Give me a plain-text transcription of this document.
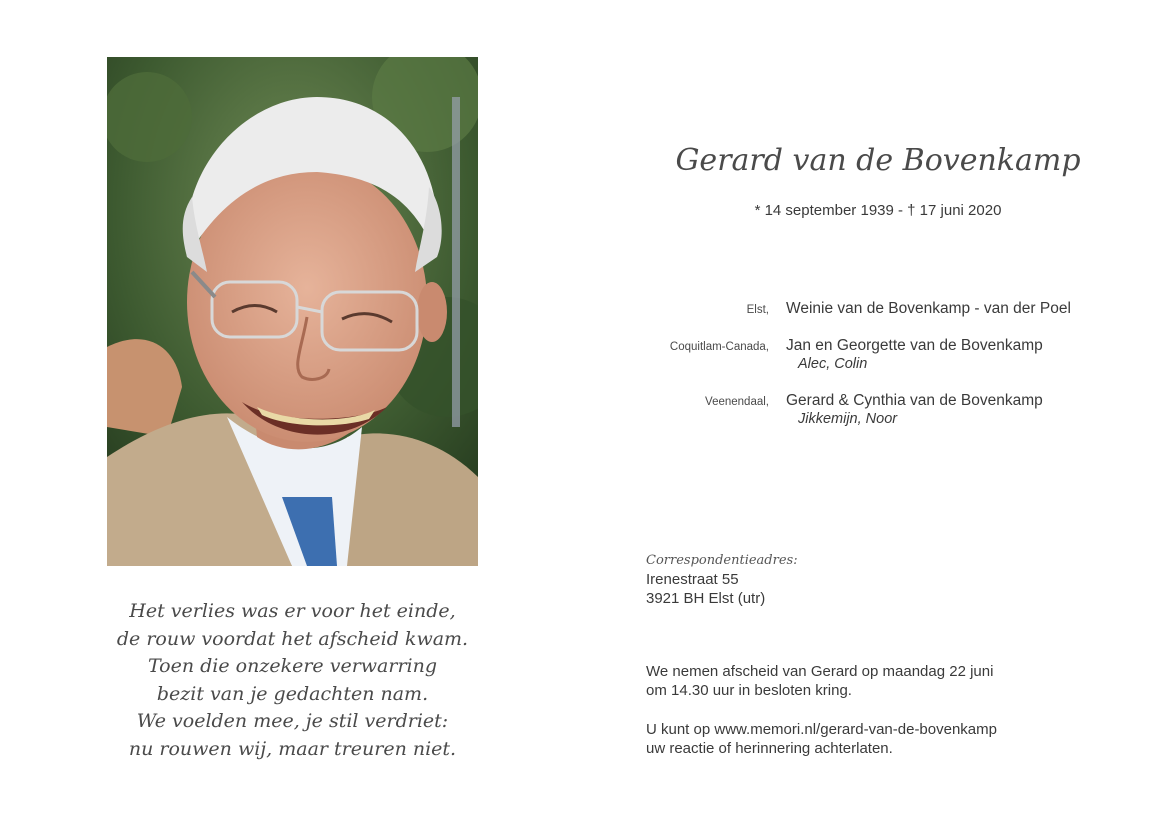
Het verlies was er voor het einde,
de rouw voordat het afscheid kwam.
Toen die onzekere verwarring
bezit van je gedachten nam.
We voelden mee, je stil verdriet:
nu rouwen wij, maar treuren niet.
Gerard van de Bovenkamp
* 14 september 1939 - † 17 juni 2020
Elst, Weinie van de Bovenkamp - van der Poel
Coquitlam-Canada, Jan en Georgette van de Bovenkamp
Alec, Colin
Veenendaal, Gerard & Cynthia van de Bovenkamp
Jikkemijn, Noor
Correspondentieadres:
Irenestraat 55
3921 BH Elst (utr)

We nemen afscheid van Gerard op maandag 22 juni
om 14.30 uur in besloten kring.

U kunt op www.memori.nl/gerard-van-de-bovenkamp
uw reactie of herinnering achterlaten.
